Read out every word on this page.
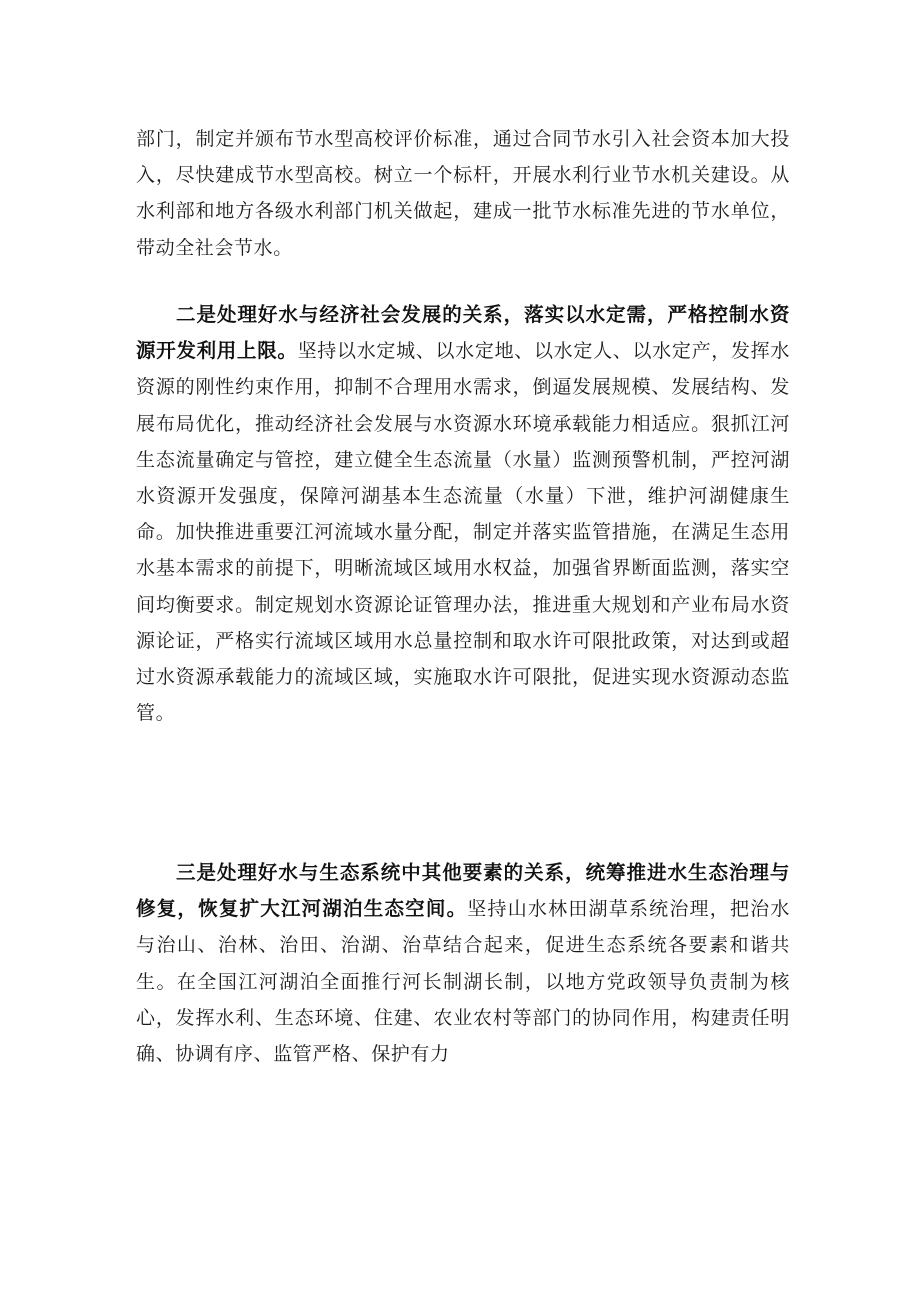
部门，制定并颁布节水型高校评价标准，通过合同节水引入社会资本加大投入，尽快建成节水型高校。树立一个标杆，开展水利行业节水机关建设。从水利部和地方各级水利部门机关做起，建成一批节水标准先进的节水单位，带动全社会节水。

二是处理好水与经济社会发展的关系，落实以水定需，严格控制水资源开发利用上限。坚持以水定城、以水定地、以水定人、以水定产，发挥水资源的刚性约束作用，抑制不合理用水需求，倒逼发展规模、发展结构、发展布局优化，推动经济社会发展与水资源水环境承载能力相适应。狠抓江河生态流量确定与管控，建立健全生态流量（水量）监测预警机制，严控河湖水资源开发强度，保障河湖基本生态流量（水量）下泄，维护河湖健康生命。加快推进重要江河流域水量分配，制定并落实监管措施，在满足生态用水基本需求的前提下，明晰流域区域用水权益，加强省界断面监测，落实空间均衡要求。制定规划水资源论证管理办法，推进重大规划和产业布局水资源论证，严格实行流域区域用水总量控制和取水许可限批政策，对达到或超过水资源承载能力的流域区域，实施取水许可限批，促进实现水资源动态监管。

三是处理好水与生态系统中其他要素的关系，统筹推进水生态治理与修复，恢复扩大江河湖泊生态空间。坚持山水林田湖草系统治理，把治水与治山、治林、治田、治湖、治草结合起来，促进生态系统各要素和谐共生。在全国江河湖泊全面推行河长制湖长制，以地方党政领导负责制为核心，发挥水利、生态环境、住建、农业农村等部门的协同作用，构建责任明确、协调有序、监管严格、保护有力
